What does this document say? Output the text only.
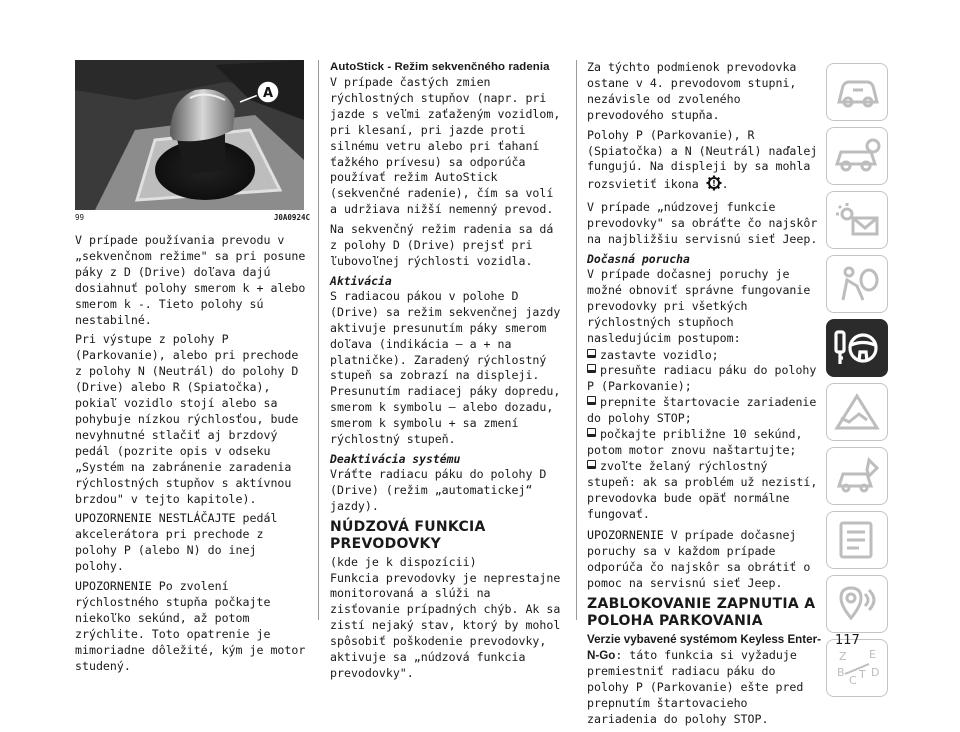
A
99	J0A0924C

V prípade používania prevodu v „sekvenčnom režime" sa pri posune páky z D (Drive) doľava dajú dosiahnuť polohy smerom k + alebo smerom k -. Tieto polohy sú nestabilné.

Pri výstupe z polohy P (Parkovanie), alebo pri prechode z polohy N (Neutrál) do polohy D (Drive) alebo R (Spiatočka), pokiaľ vozidlo stojí alebo sa pohybuje nízkou rýchlosťou, bude nevyhnutné stlačiť aj brzdový pedál (pozrite opis v odseku „Systém na zabránenie zaradenia rýchlostných stupňov s aktívnou brzdou" v tejto kapitole).

UPOZORNENIE NESTLÁČAJTE pedál akcelerátora pri prechode z polohy P (alebo N) do inej polohy.

UPOZORNENIE Po zvolení rýchlostného stupňa počkajte niekoľko sekúnd, až potom zrýchlite. Toto opatrenie je mimoriadne dôležité, kým je motor studený.

AutoStick - Režim sekvenčného radenia

V prípade častých zmien rýchlostných stupňov (napr. pri jazde s veľmi zaťaženým vozidlom, pri klesaní, pri jazde proti silnému vetru alebo pri ťahaní ťažkého prívesu) sa odporúča používať režim AutoStick (sekvenčné radenie), čím sa volí a udržiava nižší nemenný prevod.

Na sekvenčný režim radenia sa dá z polohy D (Drive) prejsť pri ľubovoľnej rýchlosti vozidla.

Aktivácia

S radiacou pákou v polohe D (Drive) sa režim sekvenčnej jazdy aktivuje presunutím páky smerom doľava (indikácia – a + na platničke). Zaradený rýchlostný stupeň sa zobrazí na displeji. Presunutím radiacej páky dopredu, smerom k symbolu – alebo dozadu, smerom k symbolu + sa zmení rýchlostný stupeň.

Deaktivácia systému

Vráťte radiacu páku do polohy D (Drive) (režim „automatickej“ jazdy).

NÚDZOVÁ FUNKCIA PREVODOVKY
(kde je k dispozícii)

Funkcia prevodovky je neprestajne monitorovaná a slúži na zisťovanie prípadných chýb. Ak sa zistí nejaký stav, ktorý by mohol spôsobiť poškodenie prevodovky, aktivuje sa „núdzová funkcia prevodovky".

Za týchto podmienok prevodovka ostane v 4. prevodovom stupni, nezávisle od zvoleného prevodového stupňa.

Polohy P (Parkovanie), R (Spiatočka) a N (Neutrál) naďalej fungujú. Na displeji by sa mohla rozsvietiť ikona ! .

V prípade „núdzovej funkcie prevodovky" sa obráťte čo najskôr na najbližšiu servisnú sieť Jeep.

Dočasná porucha

V prípade dočasnej poruchy je možné obnoviť správne fungovanie prevodovky pri všetkých rýchlostných stupňoch nasledujúcim postupom:

zastavte vozidlo;
presuňte radiacu páku do polohy P (Parkovanie);
prepnite štartovacie zariadenie do polohy STOP;
počkajte približne 10 sekúnd, potom motor znovu naštartujte;
zvoľte želaný rýchlostný stupeň: ak sa problém už nezistí, prevodovka bude opäť normálne fungovať.

UPOZORNENIE V prípade dočasnej poruchy sa v každom prípade odporúča čo najskôr sa obrátiť o pomoc na servisnú sieť Jeep.

ZABLOKOVANIE ZAPNUTIA A POLOHA PARKOVANIA

Verzie vybavené systémom Keyless Enter-N-Go: táto funkcia si vyžaduje premiestniť radiacu páku do polohy P (Parkovanie) ešte pred prepnutím štartovacieho zariadenia do polohy STOP.

Z E
B
C T D
117
